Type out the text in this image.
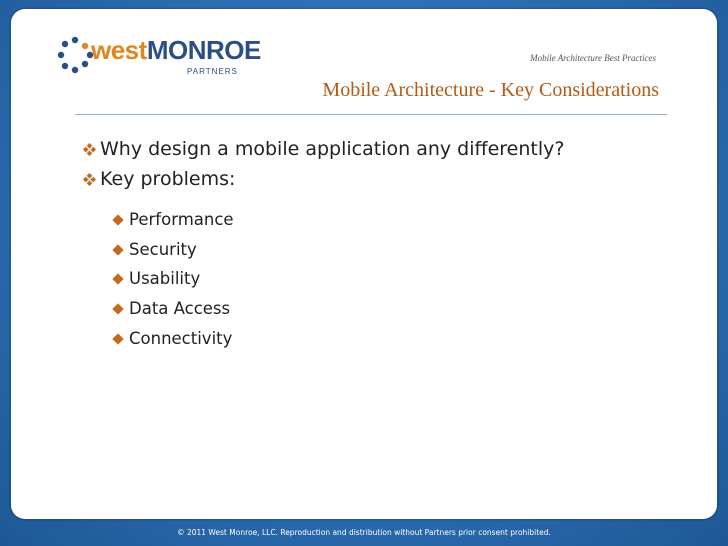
westMONROE
PARTNERS
Mobile Architecture Best Practices
Mobile Architecture - Key Considerations
Why design a mobile application any differently?
Key problems:
Performance
Security
Usability
Data Access
Connectivity
© 2011 West Monroe, LLC. Reproduction and distribution without Partners prior consent prohibited.
